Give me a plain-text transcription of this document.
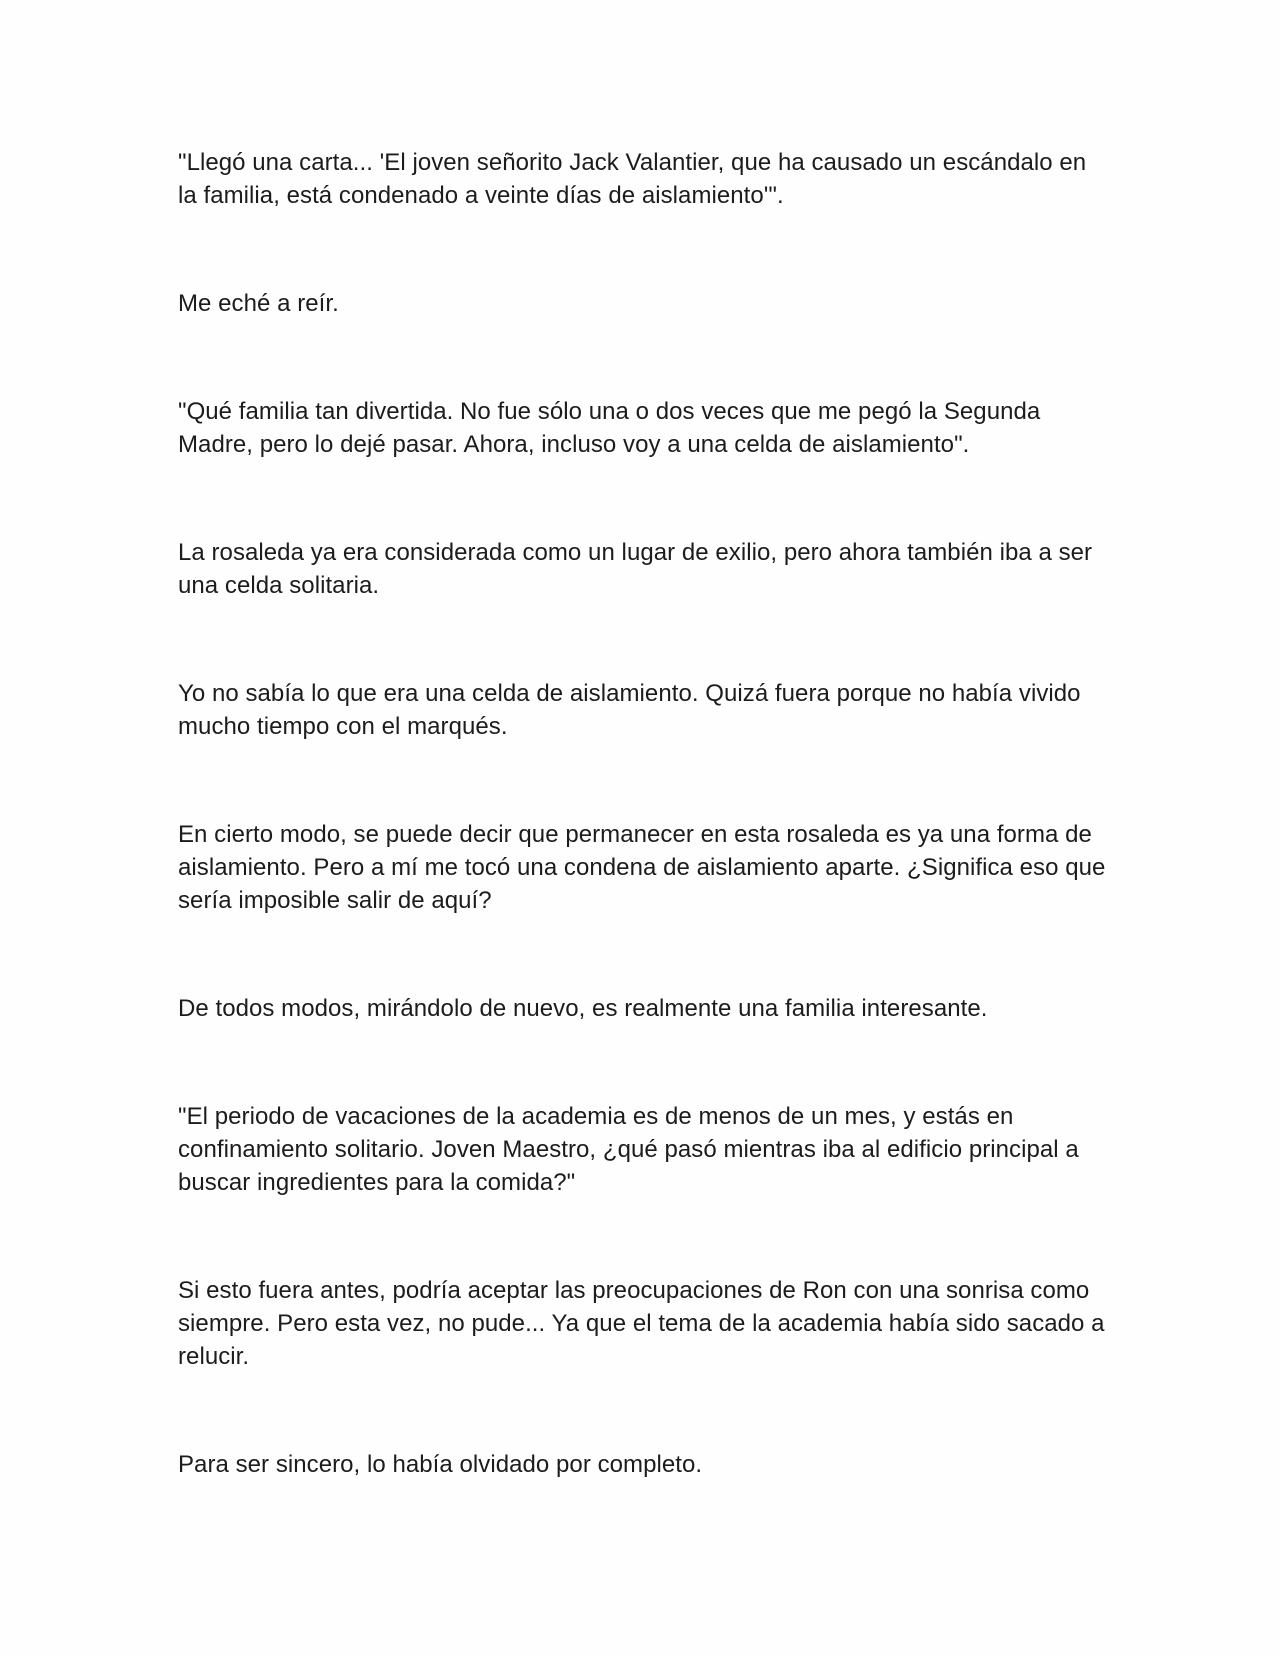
"Llegó una carta... 'El joven señorito Jack Valantier, que ha causado un escándalo en la familia, está condenado a veinte días de aislamiento'".

Me eché a reír.

"Qué familia tan divertida. No fue sólo una o dos veces que me pegó la Segunda Madre, pero lo dejé pasar. Ahora, incluso voy a una celda de aislamiento".

La rosaleda ya era considerada como un lugar de exilio, pero ahora también iba a ser una celda solitaria.

Yo no sabía lo que era una celda de aislamiento. Quizá fuera porque no había vivido mucho tiempo con el marqués.

En cierto modo, se puede decir que permanecer en esta rosaleda es ya una forma de aislamiento. Pero a mí me tocó una condena de aislamiento aparte. ¿Significa eso que sería imposible salir de aquí?

De todos modos, mirándolo de nuevo, es realmente una familia interesante.

"El periodo de vacaciones de la academia es de menos de un mes, y estás en confinamiento solitario. Joven Maestro, ¿qué pasó mientras iba al edificio principal a buscar ingredientes para la comida?"

Si esto fuera antes, podría aceptar las preocupaciones de Ron con una sonrisa como siempre. Pero esta vez, no pude... Ya que el tema de la academia había sido sacado a relucir.

Para ser sincero, lo había olvidado por completo.
